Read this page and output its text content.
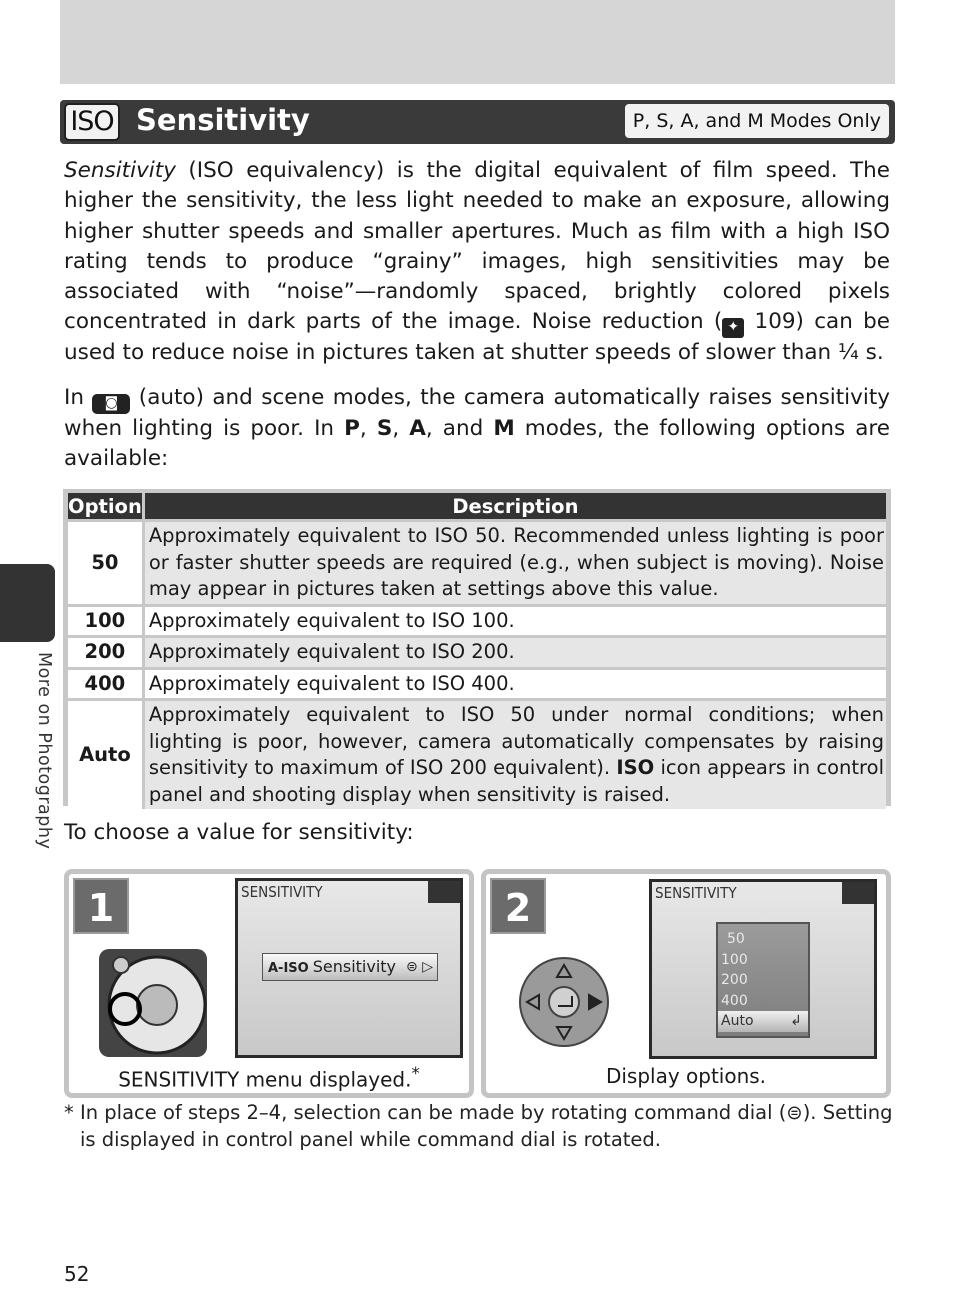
ISO Sensitivity	P, S, A, and M Modes Only

Sensitivity (ISO equivalency) is the digital equivalent of film speed. The higher the sensitivity, the less light needed to make an exposure, allowing higher shutter speeds and smaller apertures. Much as film with a high ISO rating tends to produce “grainy” images, high sensitivities may be associated with “noise”—randomly spaced, brightly colored pixels concentrated in dark parts of the image. Noise reduction ( ✦ 109) can be used to reduce noise in pictures taken at shutter speeds of slower than ¼ s.

In ◙ (auto) and scene modes, the camera automatically raises sensitivity when lighting is poor. In P, S, A, and M modes, the following options are available:

Option	Description
50	Approximately equivalent to ISO 50. Recommended unless lighting is poor or faster shutter speeds are required (e.g., when subject is moving). Noise may appear in pictures taken at settings above this value.
100	Approximately equivalent to ISO 100.
200	Approximately equivalent to ISO 200.
400	Approximately equivalent to ISO 400.
Auto	Approximately equivalent to ISO 50 under normal conditions; when lighting is poor, however, camera automatically compensates by raising sensitivity to maximum of ISO 200 equivalent). ISO icon appears in control panel and shooting display when sensitivity is raised.
To choose a value for sensitivity:
1	SENSITIVITY
A-ISO Sensitivity ⊜ ▷
SENSITIVITY menu displayed.*
2	SENSITIVITY
50
100
200
400
Auto	↲
Display options.
* In place of steps 2–4, selection can be made by rotating command dial (⊜). Setting is displayed in control panel while command dial is rotated.
More on Photography
52
